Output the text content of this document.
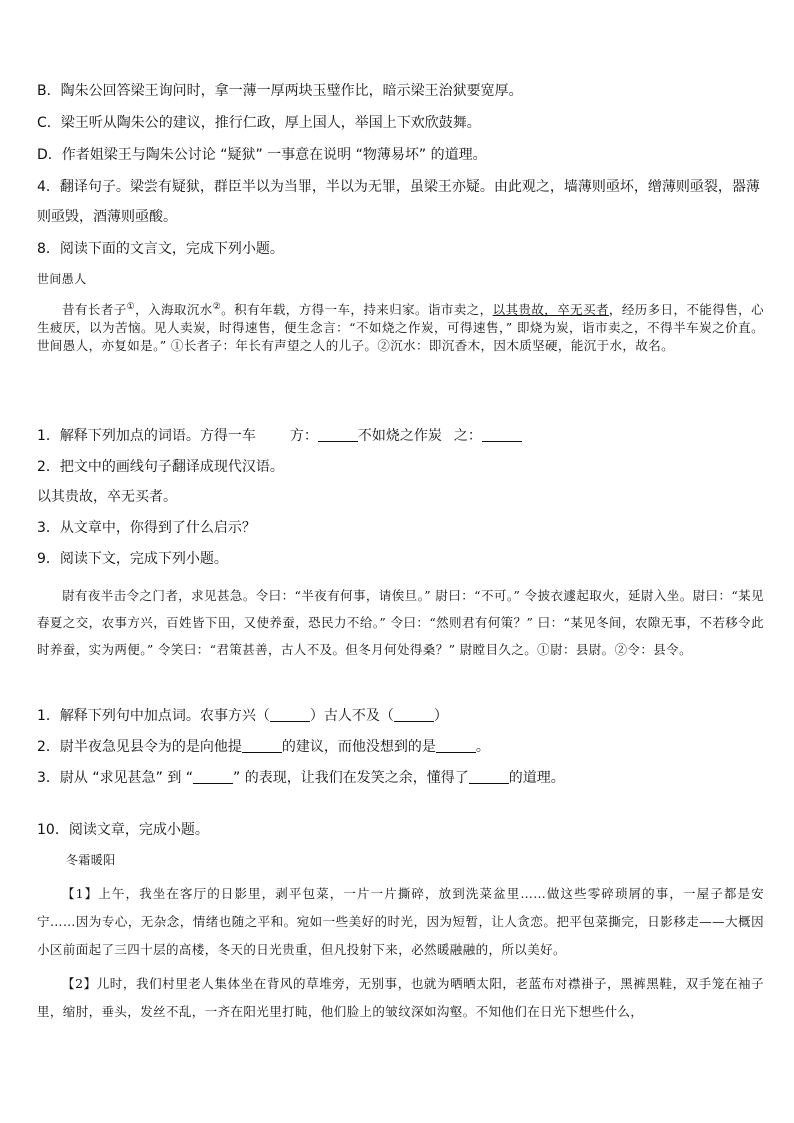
B．陶朱公回答梁王询问时，拿一薄一厚两块玉璧作比，暗示梁王治狱要宽厚。
C．梁王听从陶朱公的建议，推行仁政，厚上国人，举国上下欢欣鼓舞。
D．作者姐梁王与陶朱公讨论 “疑狱” 一事意在说明 “物薄易坏” 的道理。
4．翻译句子。梁尝有疑狱，群臣半以为当罪，半以为无罪，虽梁王亦疑。由此观之，墙薄则亟坏，缯薄则亟裂，器薄
则亟毁，酒薄则亟酸。
8．阅读下面的文言文，完成下列小题。
世间愚人
昔有长者子①，入海取沉水②。积有年载，方得一车，持来归家。诣市卖之，以其贵故，卒无买者，经历多日，不能得售，心生疲厌，以为苦恼。见人卖炭，时得速售，便生念言：“不如烧之作炭，可得速售，” 即烧为炭，诣市卖之，不得半车炭之价直。世间愚人，亦复如是。” ①长者子：年长有声望之人的儿子。②沉水：即沉香木，因木质坚硬，能沉于水，故名。
1．解释下列加点的词语。方得一车 方：	不如烧之作炭 之：
2．把文中的画线句子翻译成现代汉语。
以其贵故，卒无买者。
3．从文章中，你得到了什么启示？
9．阅读下文，完成下列小题。
尉有夜半击令之门者，求见甚急。令曰：“半夜有何事，请俟旦。” 尉曰：“不可。” 令披衣遽起取火，延尉入坐。尉曰：“某见春夏之交，农事方兴，百姓皆下田，又使养蚕，恐民力不给。” 令曰：“然则君有何策？” 曰：“某见冬间，农隙无事，不若移令此时养蚕，实为两便。” 令笑曰：“君策甚善，古人不及。但冬月何处得桑？” 尉瞠目久之。①尉：县尉。②令：县令。
1．解释下列句中加点词。农事方兴（	）古人不及（	）
2．尉半夜急见县令为的是向他提	的建议，而他没想到的是	。
3．尉从 “求见甚急” 到 “	” 的表现，让我们在发笑之余，懂得了	的道理。
10．阅读文章，完成小题。
冬霜暖阳
【1】上午，我坐在客厅的日影里，剥平包菜，一片一片撕碎，放到洗菜盆里……做这些零碎琐屑的事，一屋子都是安宁……因为专心，无杂念，情绪也随之平和。宛如一些美好的时光，因为短暂，让人贪恋。把平包菜撕完，日影移走——大概因小区前面起了三四十层的高楼，冬天的日光贵重，但凡投射下来，必然暖融融的，所以美好。
【2】儿时，我们村里老人集体坐在背风的草堆旁，无别事，也就为晒晒太阳，老蓝布对襟褂子，黑裤黑鞋，双手笼在袖子里，缩肘，垂头，发丝不乱，一齐在阳光里打盹，他们脸上的皱纹深如沟壑。不知他们在日光下想些什么，
